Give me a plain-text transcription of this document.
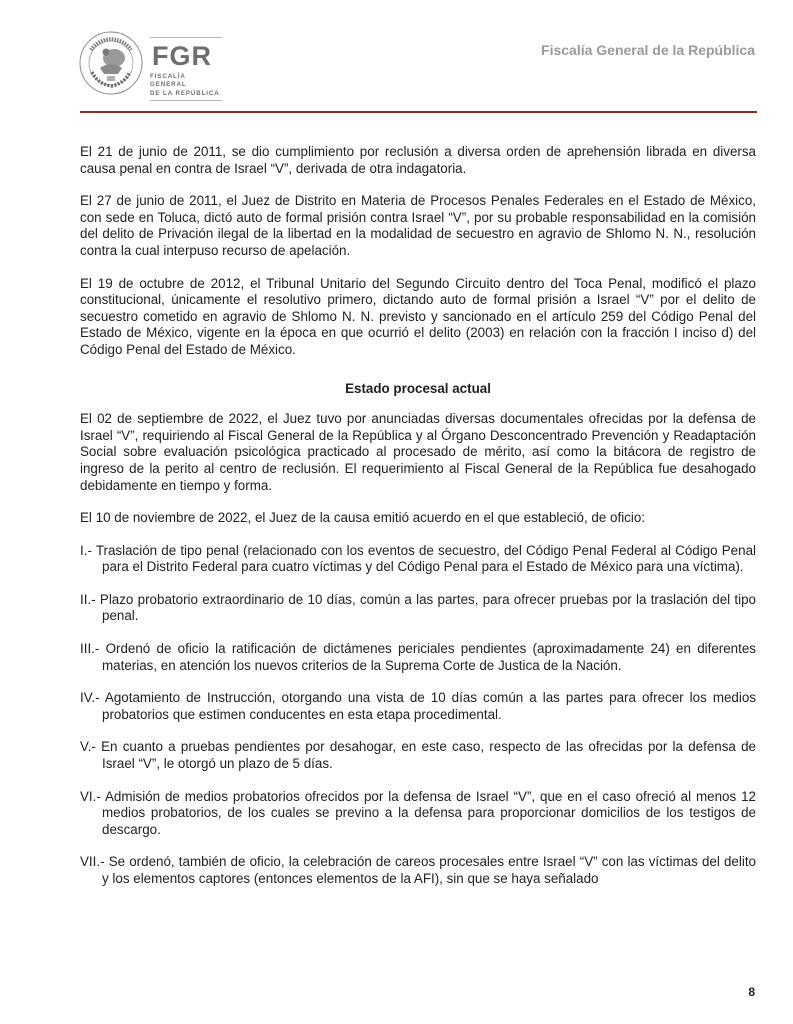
FGR
FISCALÍA GENERAL
DE LA REPÚBLICA
Fiscalía General de la República

El 21 de junio de 2011, se dio cumplimiento por reclusión a diversa orden de aprehensión librada en diversa causa penal en contra de Israel “V”, derivada de otra indagatoria.

El 27 de junio de 2011, el Juez de Distrito en Materia de Procesos Penales Federales en el Estado de México, con sede en Toluca, dictó auto de formal prisión contra Israel “V”, por su probable responsabilidad en la comisión del delito de Privación ilegal de la libertad en la modalidad de secuestro en agravio de Shlomo N. N., resolución contra la cual interpuso recurso de apelación.

El 19 de octubre de 2012, el Tribunal Unitario del Segundo Circuito dentro del Toca Penal, modificó el plazo constitucional, únicamente el resolutivo primero, dictando auto de formal prisión a Israel “V” por el delito de secuestro cometido en agravio de Shlomo N. N. previsto y sancionado en el artículo 259 del Código Penal del Estado de México, vigente en la época en que ocurrió el delito (2003) en relación con la fracción I inciso d) del Código Penal del Estado de México.

Estado procesal actual

El 02 de septiembre de 2022, el Juez tuvo por anunciadas diversas documentales ofrecidas por la defensa de Israel “V”, requiriendo al Fiscal General de la República y al Órgano Desconcentrado Prevención y Readaptación Social sobre evaluación psicológica practicado al procesado de mérito, así como la bitácora de registro de ingreso de la perito al centro de reclusión. El requerimiento al Fiscal General de la República fue desahogado debidamente en tiempo y forma.

El 10 de noviembre de 2022, el Juez de la causa emitió acuerdo en el que estableció, de oficio:

I.- Traslación de tipo penal (relacionado con los eventos de secuestro, del Código Penal Federal al Código Penal para el Distrito Federal para cuatro víctimas y del Código Penal para el Estado de México para una víctima).
II.- Plazo probatorio extraordinario de 10 días, común a las partes, para ofrecer pruebas por la traslación del tipo penal.
III.- Ordenó de oficio la ratificación de dictámenes periciales pendientes (aproximadamente 24) en diferentes materias, en atención los nuevos criterios de la Suprema Corte de Justica de la Nación.
IV.- Agotamiento de Instrucción, otorgando una vista de 10 días común a las partes para ofrecer los medios probatorios que estimen conducentes en esta etapa procedimental.
V.- En cuanto a pruebas pendientes por desahogar, en este caso, respecto de las ofrecidas por la defensa de Israel “V”, le otorgó un plazo de 5 días.
VI.- Admisión de medios probatorios ofrecidos por la defensa de Israel “V”, que en el caso ofreció al menos 12 medios probatorios, de los cuales se previno a la defensa para proporcionar domicilios de los testigos de descargo.
VII.- Se ordenó, también de oficio, la celebración de careos procesales entre Israel “V” con las víctimas del delito y los elementos captores (entonces elementos de la AFI), sin que se haya señalado
8
